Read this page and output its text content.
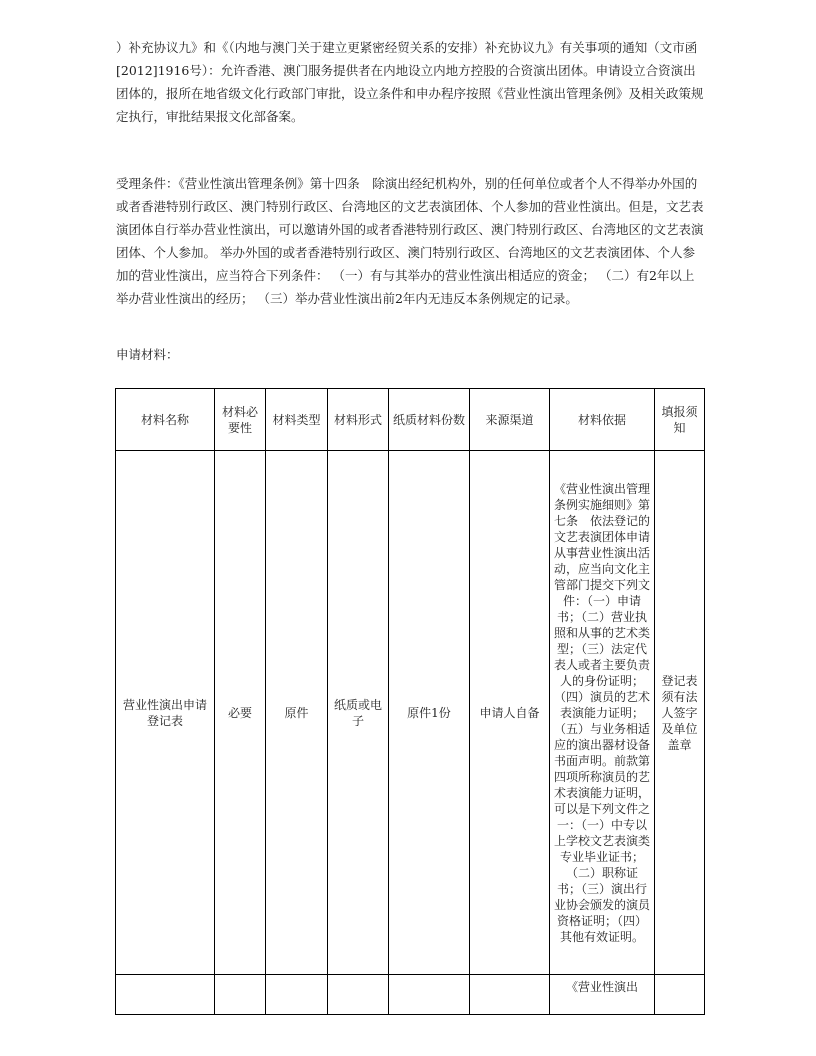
）补充协议九》和《（内地与澳门关于建立更紧密经贸关系的安排）补充协议九》有关事项的通知（文市函[2012]1916号）：允许香港、澳门服务提供者在内地设立内地方控股的合资演出团体。申请设立合资演出团体的，报所在地省级文化行政部门审批，设立条件和申办程序按照《营业性演出管理条例》及相关政策规定执行，审批结果报文化部备案。

受理条件：《营业性演出管理条例》第十四条　除演出经纪机构外，别的任何单位或者个人不得举办外国的或者香港特别行政区、澳门特别行政区、台湾地区的文艺表演团体、个人参加的营业性演出。但是，文艺表演团体自行举办营业性演出，可以邀请外国的或者香港特别行政区、澳门特别行政区、台湾地区的文艺表演团体、个人参加。 举办外国的或者香港特别行政区、澳门特别行政区、台湾地区的文艺表演团体、个人参加的营业性演出，应当符合下列条件： （一）有与其举办的营业性演出相适应的资金； （二）有2年以上举办营业性演出的经历； （三）举办营业性演出前2年内无违反本条例规定的记录。

申请材料：

材料名称	材料必要性	材料类型	材料形式	纸质材料份数	来源渠道	材料依据	填报须知
营业性演出申请登记表	必要	原件	纸质或电子	原件1份	申请人自备	《营业性演出管理条例实施细则》第七条　依法登记的文艺表演团体申请从事营业性演出活动，应当向文化主管部门提交下列文件：（一）申请书；（二）营业执照和从事的艺术类型；（三）法定代表人或者主要负责人的身份证明；（四）演员的艺术表演能力证明；（五）与业务相适应的演出器材设备书面声明。前款第四项所称演员的艺术表演能力证明，可以是下列文件之一：（一）中专以上学校文艺表演类专业毕业证书；（二）职称证书；（三）演出行业协会颁发的演员资格证明；（四）其他有效证明。	登记表须有法人签字及单位盖章
						《营业性演出	
